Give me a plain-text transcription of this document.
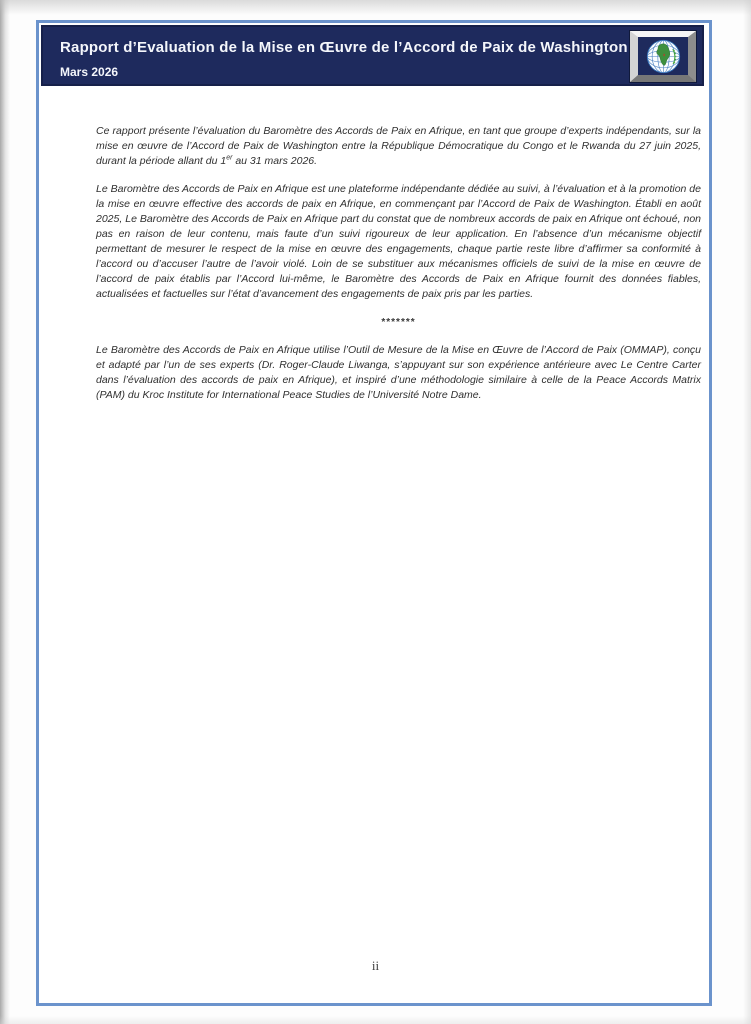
Rapport d’Evaluation de la Mise en Œuvre de l’Accord de Paix de Washington
Mars 2026

Ce rapport présente l’évaluation du Baromètre des Accords de Paix en Afrique, en tant que groupe d’experts indépendants, sur la mise en œuvre de l’Accord de Paix de Washington entre la République Démocratique du Congo et le Rwanda du 27 juin 2025, durant la période allant du 1er au 31 mars 2026.

Le Baromètre des Accords de Paix en Afrique est une plateforme indépendante dédiée au suivi, à l’évaluation et à la promotion de la mise en œuvre effective des accords de paix en Afrique, en commençant par l’Accord de Paix de Washington. Établi en août 2025, Le Baromètre des Accords de Paix en Afrique part du constat que de nombreux accords de paix en Afrique ont échoué, non pas en raison de leur contenu, mais faute d’un suivi rigoureux de leur application. En l’absence d’un mécanisme objectif permettant de mesurer le respect de la mise en œuvre des engagements, chaque partie reste libre d’affirmer sa conformité à l’accord ou d’accuser l’autre de l’avoir violé. Loin de se substituer aux mécanismes officiels de suivi de la mise en œuvre de l’accord de paix établis par l’Accord lui-même, le Baromètre des Accords de Paix en Afrique fournit des données fiables, actualisées et factuelles sur l’état d’avancement des engagements de paix pris par les parties.

*******

Le Baromètre des Accords de Paix en Afrique utilise l’Outil de Mesure de la Mise en Œuvre de l’Accord de Paix (OMMAP), conçu et adapté par l’un de ses experts (Dr. Roger-Claude Liwanga, s’appuyant sur son expérience antérieure avec Le Centre Carter dans l’évaluation des accords de paix en Afrique), et inspiré d’une méthodologie similaire à celle de la Peace Accords Matrix (PAM) du Kroc Institute for International Peace Studies de l’Université Notre Dame.

ii
